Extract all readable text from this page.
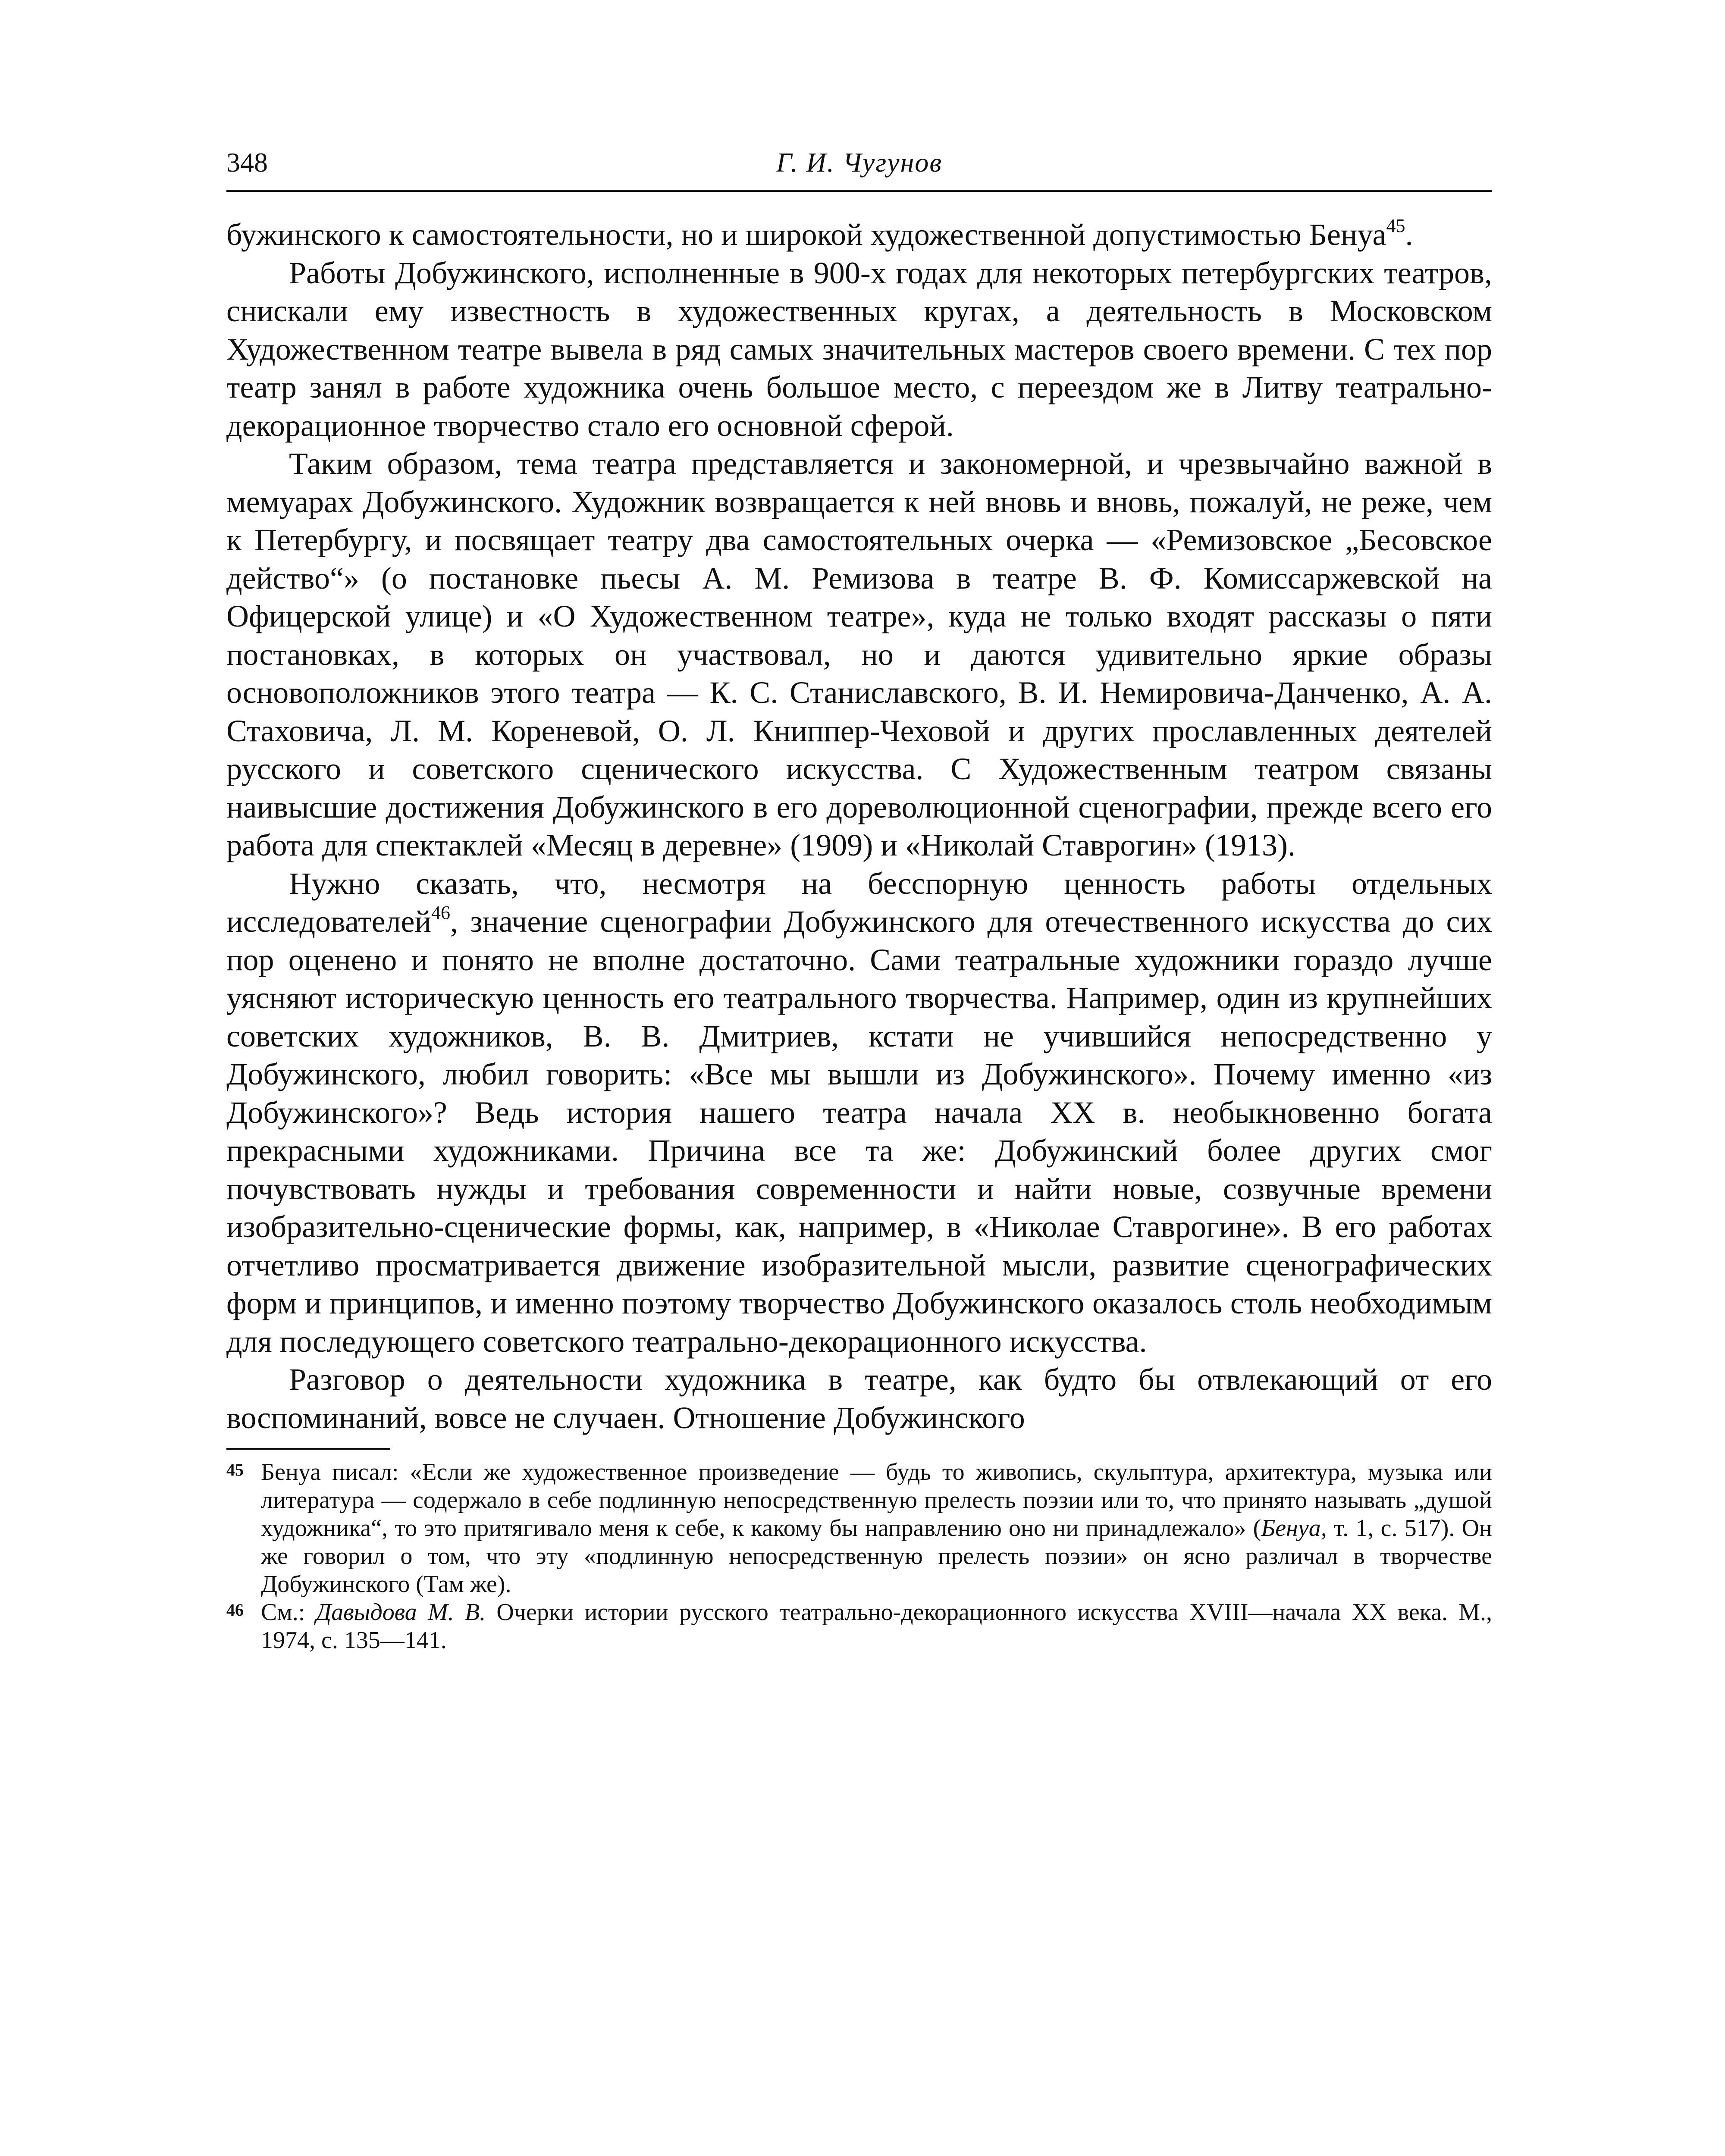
348	Г. И. Чугунов

бужинского к самостоятельности, но и широкой художественной допустимостью Бенуа$^{45}$.

Работы Добужинского, исполненные в 900-х годах для некоторых петербургских театров, снискали ему известность в художественных кругах, а деятельность в Московском Художественном театре вывела в ряд самых значительных мастеров своего времени. С тех пор театр занял в работе художника очень большое место, с переездом же в Литву театрально-декорационное творчество стало его основной сферой.

Таким образом, тема театра представляется и закономерной, и чрезвычайно важной в мемуарах Добужинского. Художник возвращается к ней вновь и вновь, пожалуй, не реже, чем к Петербургу, и посвящает театру два самостоятельных очерка — «Ремизовское „Бесовское действо“» (о постановке пьесы А. М. Ремизова в театре В. Ф. Комиссаржевской на Офицерской улице) и «О Художественном театре», куда не только входят рассказы о пяти постановках, в которых он участвовал, но и даются удивительно яркие образы основоположников этого театра — К. С. Станиславского, В. И. Немировича-Данченко, А. А. Стаховича, Л. М. Кореневой, О. Л. Книппер-Чеховой и других прославленных деятелей русского и советского сценического искусства. С Художественным театром связаны наивысшие достижения Добужинского в его дореволюционной сценографии, прежде всего его работа для спектаклей «Месяц в деревне» (1909) и «Николай Ставрогин» (1913).

Нужно сказать, что, несмотря на бесспорную ценность работы отдельных исследователей$^{46}$, значение сценографии Добужинского для отечественного искусства до сих пор оценено и понято не вполне достаточно. Сами театральные художники гораздо лучше уясняют историческую ценность его театрального творчества. Например, один из крупнейших советских художников, В. В. Дмитриев, кстати не учившийся непосредственно у Добужинского, любил говорить: «Все мы вышли из Добужинского». Почему именно «из Добужинского»? Ведь история нашего театра начала XX в. необыкновенно богата прекрасными художниками. Причина все та же: Добужинский более других смог почувствовать нужды и требования современности и найти новые, созвучные времени изобразительно-сценические формы, как, например, в «Николае Ставрогине». В его работах отчетливо просматривается движение изобразительной мысли, развитие сценографических форм и принципов, и именно поэтому творчество Добужинского оказалось столь необходимым для последующего советского театрально-декорационного искусства.

Разговор о деятельности художника в театре, как будто бы отвлекающий от его воспоминаний, вовсе не случаен. Отношение Добужинского

45 Бенуа писал: «Если же художественное произведение — будь то живопись, скульптура, архитектура, музыка или литература — содержало в себе подлинную непосредственную прелесть поэзии или то, что принято называть „душой художника“, то это притягивало меня к себе, к какому бы направлению оно ни принадлежало» (Бенуа, т. 1, с. 517). Он же говорил о том, что эту «подлинную непосредственную прелесть поэзии» он ясно различал в творчестве Добужинского (Там же).

46 См.: Давыдова М. В. Очерки истории русского театрально-декорационного искусства XVIII—начала XX века. М., 1974, с. 135—141.
